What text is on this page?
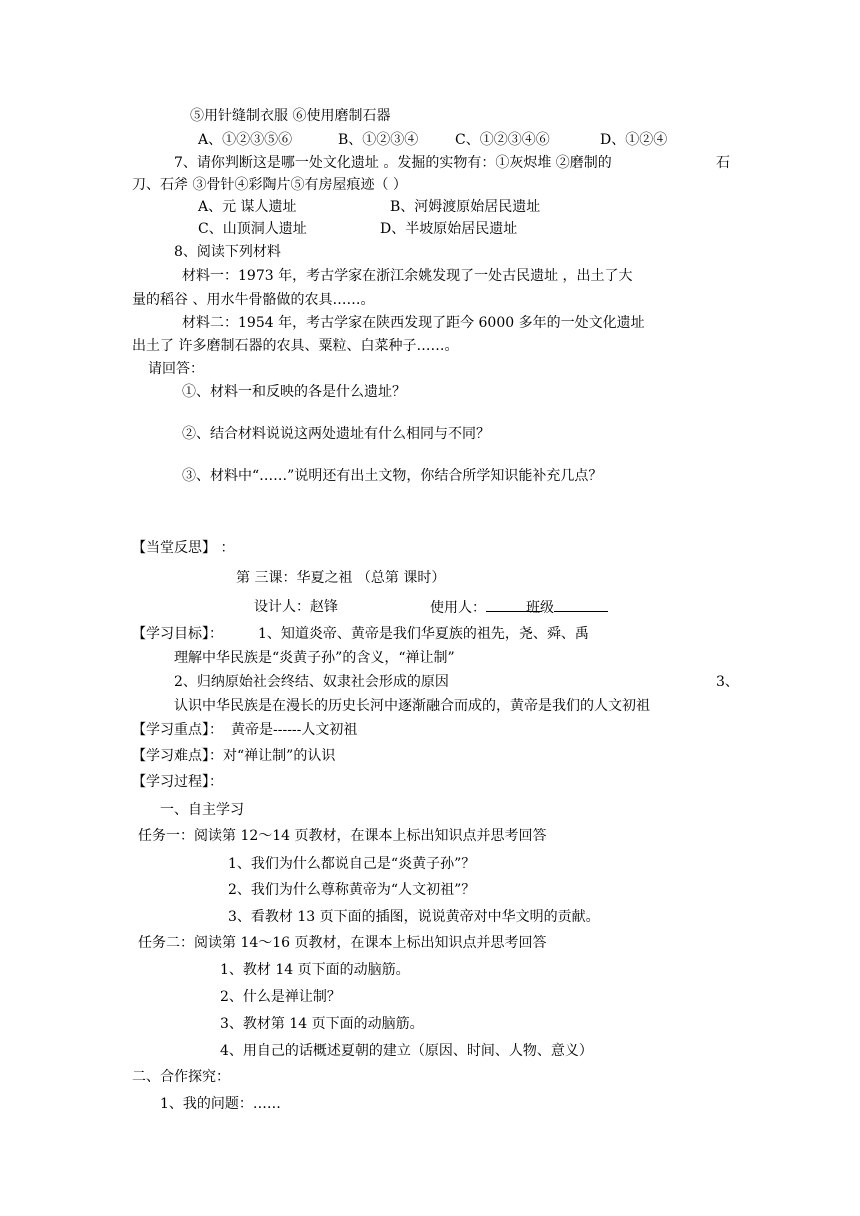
⑤用针缝制衣服 ⑥使用磨制石器
A、①②③⑤⑥	B、①②③④	C、①②③④⑥	D、①②④
7、请你判断这是哪一处文化遗址 。发掘的实物有：①灰烬堆 ②磨制的	石
刀、石斧 ③骨针④彩陶片⑤有房屋痕迹（ ）
A、元 谋人遗址	B、河姆渡原始居民遗址
C、山顶洞人遗址	D、半坡原始居民遗址
8、阅读下列材料
材料一：1973 年，考古学家在浙江余姚发现了一处古民遗址 ，出土了大
量的稻谷 、用水牛骨骼做的农具……。
材料二：1954 年，考古学家在陕西发现了距今 6000 多年的一处文化遗址
出土了 许多磨制石器的农具、粟粒、白菜种子……。
请回答：
①、材料一和反映的各是什么遗址？
②、结合材料说说这两处遗址有什么相同与不同？
③、材料中“……”说明还有出土文物，你结合所学知识能补充几点？
【当堂反思】 ：
第 三课：华夏之祖 （总第 课时）
设计人：赵锋	使用人：	班级
【学习目标】：	1、知道炎帝、黄帝是我们华夏族的祖先，尧、舜、禹
理解中华民族是“炎黄子孙”的含义，“禅让制”
2、归纳原始社会终结、奴隶社会形成的原因	3、
认识中华民族是在漫长的历史长河中逐渐融合而成的，黄帝是我们的人文初祖
【学习重点】： 黄帝是------人文初祖
【学习难点】：对“禅让制”的认识
【学习过程】：
一、自主学习
任务一：阅读第 12～14 页教材，在课本上标出知识点并思考回答
1、我们为什么都说自己是“炎黄子孙”？
2、我们为什么尊称黄帝为“人文初祖”？
3、看教材 13 页下面的插图，说说黄帝对中华文明的贡献。
任务二：阅读第 14～16 页教材，在课本上标出知识点并思考回答
1、教材 14 页下面的动脑筋。
2、什么是禅让制？
3、教材第 14 页下面的动脑筋。
4、用自己的话概述夏朝的建立（原因、时间、人物、意义）
二、合作探究：
1、我的问题：……
